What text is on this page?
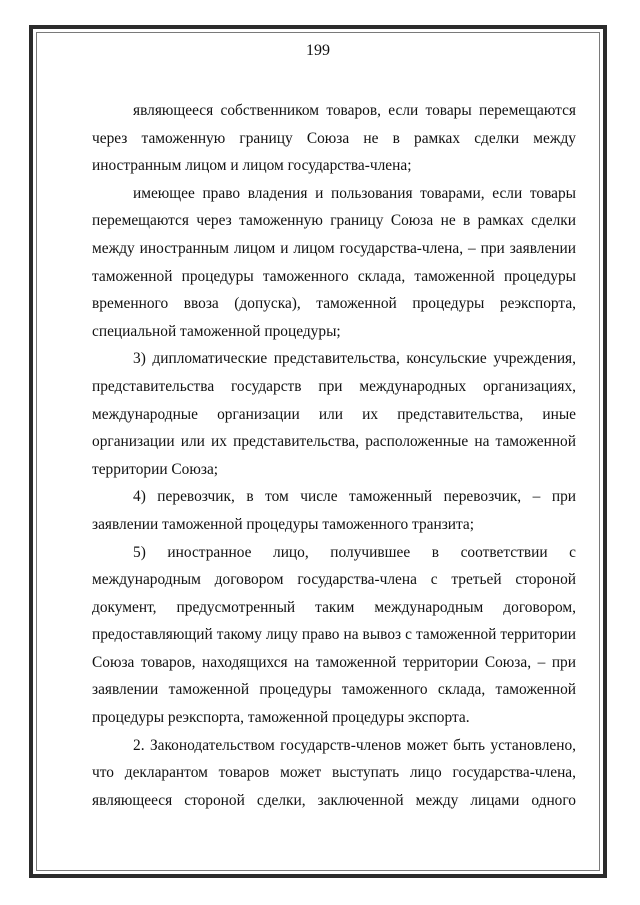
199

являющееся собственником товаров, если товары перемещаются через таможенную границу Союза не в рамках сделки между иностранным лицом и лицом государства-члена;

имеющее право владения и пользования товарами, если товары перемещаются через таможенную границу Союза не в рамках сделки между иностранным лицом и лицом государства-члена, – при заявлении таможенной процедуры таможенного склада, таможенной процедуры временного ввоза (допуска), таможенной процедуры реэкспорта, специальной таможенной процедуры;

3) дипломатические представительства, консульские учреждения, представительства государств при международных организациях, международные организации или их представительства, иные организации или их представительства, расположенные на таможенной территории Союза;

4) перевозчик, в том числе таможенный перевозчик, – при заявлении таможенной процедуры таможенного транзита;

5) иностранное лицо, получившее в соответствии с международным договором государства-члена с третьей стороной документ, предусмотренный таким международным договором, предоставляющий такому лицу право на вывоз с таможенной территории Союза товаров, находящихся на таможенной территории Союза, – при заявлении таможенной процедуры таможенного склада, таможенной процедуры реэкспорта, таможенной процедуры экспорта.

2. Законодательством государств-членов может быть установлено, что декларантом товаров может выступать лицо государства-члена, являющееся стороной сделки, заключенной между лицами одного
